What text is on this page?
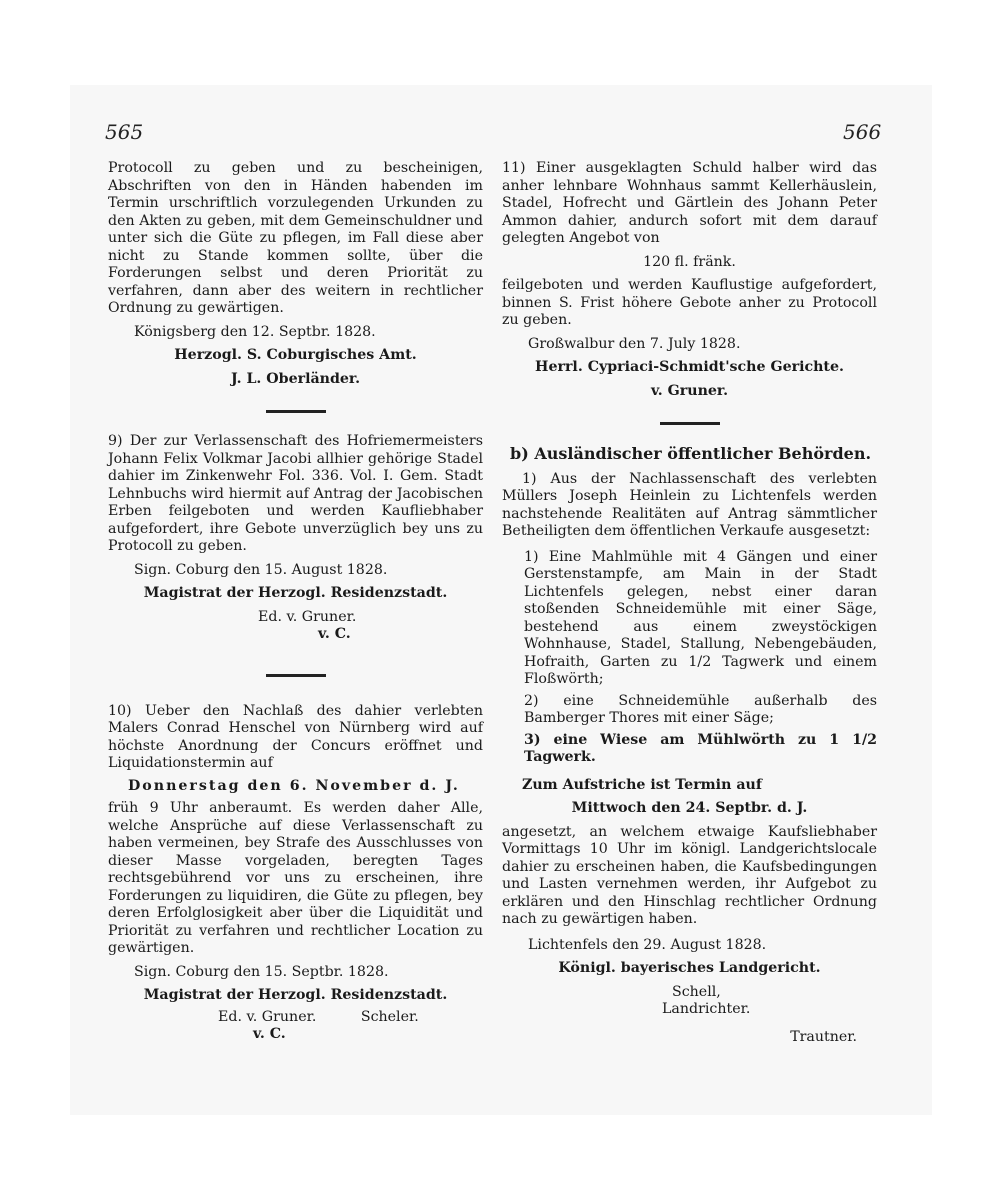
565	566

Protocoll zu geben und zu bescheinigen, Abschriften von den in Händen habenden im Termin urschriftlich vorzulegenden Urkunden zu den Akten zu geben, mit dem Gemeinschuldner und unter sich die Güte zu pflegen, im Fall diese aber nicht zu Stande kommen sollte, über die Forderungen selbst und deren Priorität zu verfahren, dann aber des weitern in rechtlicher Ordnung zu gewärtigen.

Königsberg den 12. Septbr. 1828.

Herzogl. S. Coburgisches Amt.

J. L. Oberländer.

9) Der zur Verlassenschaft des Hofriemermeisters Johann Felix Volkmar Jacobi allhier gehörige Stadel dahier im Zinkenwehr Fol. 336. Vol. I. Gem. Stadt Lehnbuchs wird hiermit auf Antrag der Jacobischen Erben feilgeboten und werden Kaufliebhaber aufgefordert, ihre Gebote unverzüglich bey uns zu Protocoll zu geben.

Sign. Coburg den 15. August 1828.

Magistrat der Herzogl. Residenzstadt.

Ed. v. Gruner.

v. C.

10) Ueber den Nachlaß des dahier verlebten Malers Conrad Henschel von Nürnberg wird auf höchste Anordnung der Concurs eröffnet und Liquidationstermin auf

Donnerstag den 6. November d. J.

früh 9 Uhr anberaumt. Es werden daher Alle, welche Ansprüche auf diese Verlassenschaft zu haben vermeinen, bey Strafe des Ausschlusses von dieser Masse vorgeladen, beregten Tages rechtsgebührend vor uns zu erscheinen, ihre Forderungen zu liquidiren, die Güte zu pflegen, bey deren Erfolglosigkeit aber über die Liquidität und Priorität zu verfahren und rechtlicher Location zu gewärtigen.

Sign. Coburg den 15. Septbr. 1828.

Magistrat der Herzogl. Residenzstadt.

Ed. v. Gruner.	Scheler.

v. C.

11) Einer ausgeklagten Schuld halber wird das anher lehnbare Wohnhaus sammt Kellerhäuslein, Stadel, Hofrecht und Gärtlein des Johann Peter Ammon dahier, andurch sofort mit dem darauf gelegten Angebot von

120 fl. fränk.

feilgeboten und werden Kauflustige aufgefordert, binnen S. Frist höhere Gebote anher zu Protocoll zu geben.

Großwalbur den 7. July 1828.

Herrl. Cypriaci-Schmidt'sche Gerichte.

v. Gruner.

b) Ausländischer öffentlicher Behörden.

1) Aus der Nachlassenschaft des verlebten Müllers Joseph Heinlein zu Lichtenfels werden nachstehende Realitäten auf Antrag sämmtlicher Betheiligten dem öffentlichen Verkaufe ausgesetzt:

1) Eine Mahlmühle mit 4 Gängen und einer Gerstenstampfe, am Main in der Stadt Lichtenfels gelegen, nebst einer daran stoßenden Schneidemühle mit einer Säge, bestehend aus einem zweystöckigen Wohnhause, Stadel, Stallung, Nebengebäuden, Hofraith, Garten zu 1/2 Tagwerk und einem Floßwörth;

2) eine Schneidemühle außerhalb des Bamberger Thores mit einer Säge;

3) eine Wiese am Mühlwörth zu 1 1/2 Tagwerk.

Zum Aufstriche ist Termin auf

Mittwoch den 24. Septbr. d. J.

angesetzt, an welchem etwaige Kaufsliebhaber Vormittags 10 Uhr im königl. Landgerichtslocale dahier zu erscheinen haben, die Kaufsbedingungen und Lasten vernehmen werden, ihr Aufgebot zu erklären und den Hinschlag rechtlicher Ordnung nach zu gewärtigen haben.

Lichtenfels den 29. August 1828.

Königl. bayerisches Landgericht.

Schell,

Landrichter.

Trautner.
